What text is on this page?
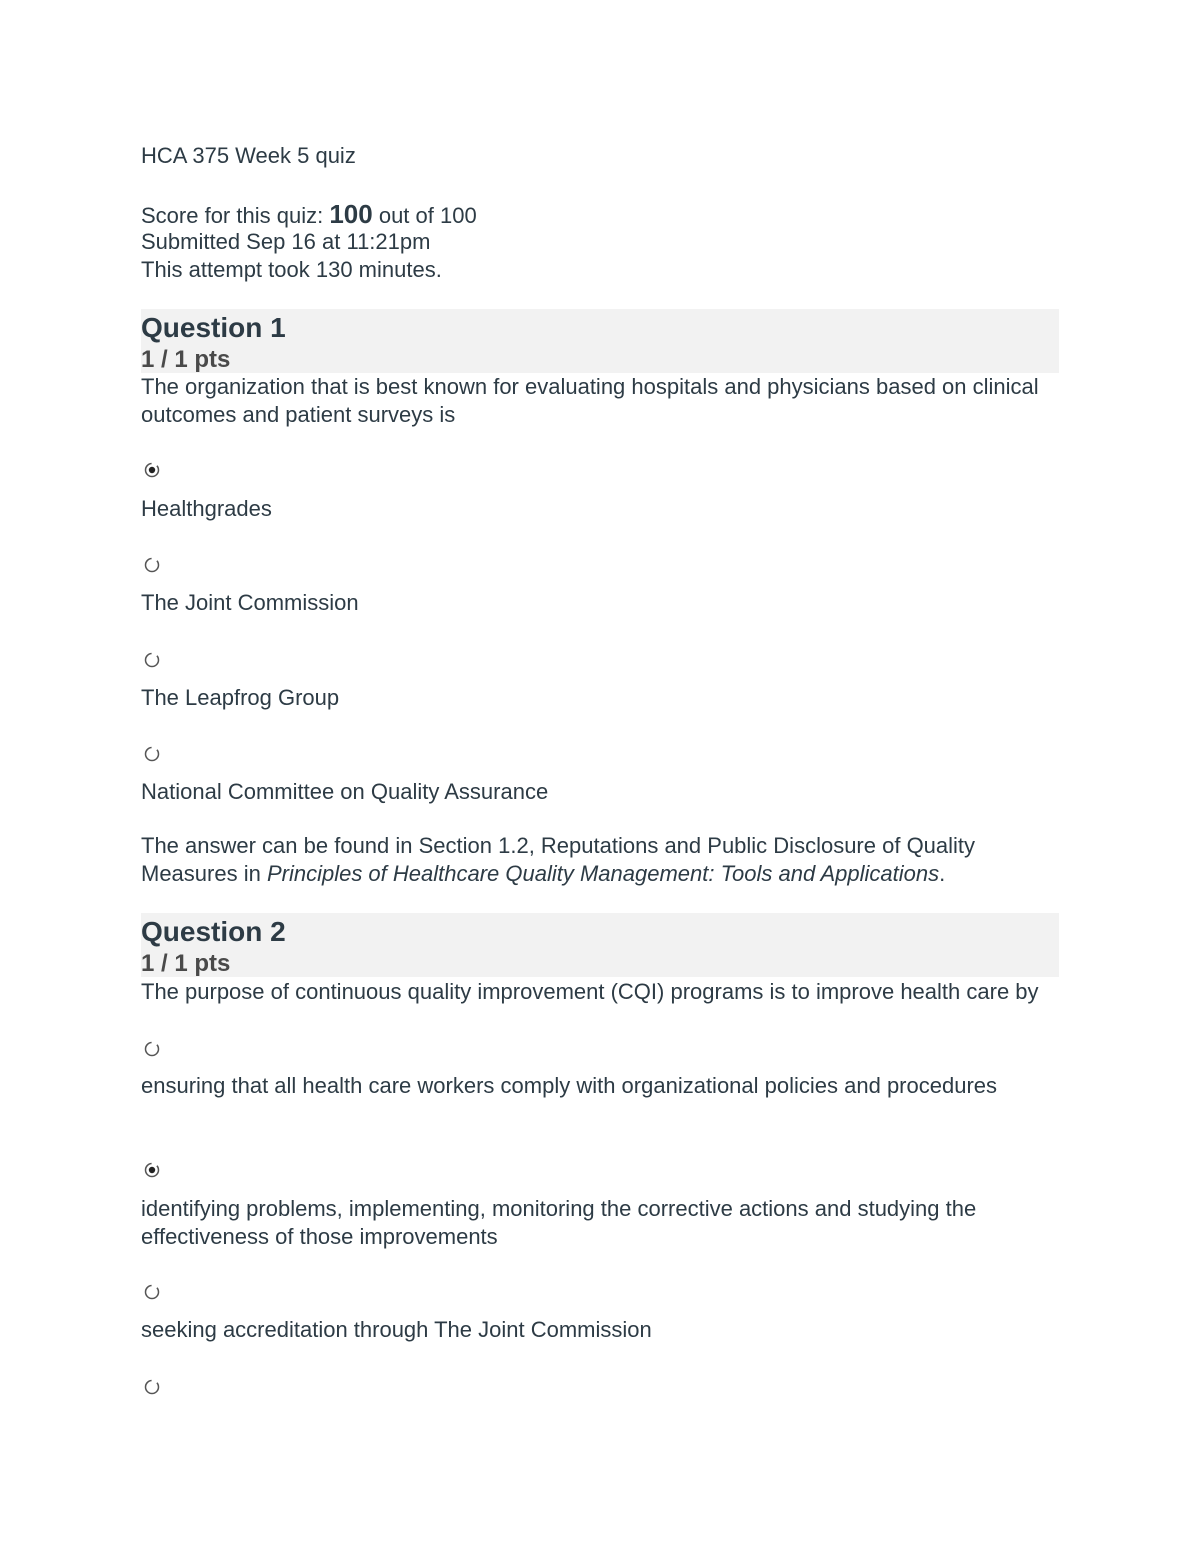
HCA 375 Week 5 quiz
Score for this quiz: 100 out of 100
Submitted Sep 16 at 11:21pm
This attempt took 130 minutes.
Question 1
1 / 1 pts
The organization that is best known for evaluating hospitals and physicians based on clinical outcomes and patient surveys is
Healthgrades
The Joint Commission
The Leapfrog Group
National Committee on Quality Assurance
The answer can be found in Section 1.2, Reputations and Public Disclosure of Quality Measures in Principles of Healthcare Quality Management: Tools and Applications.
Question 2
1 / 1 pts
The purpose of continuous quality improvement (CQI) programs is to improve health care by
ensuring that all health care workers comply with organizational policies and procedures
identifying problems, implementing, monitoring the corrective actions and studying the effectiveness of those improvements
seeking accreditation through The Joint Commission
